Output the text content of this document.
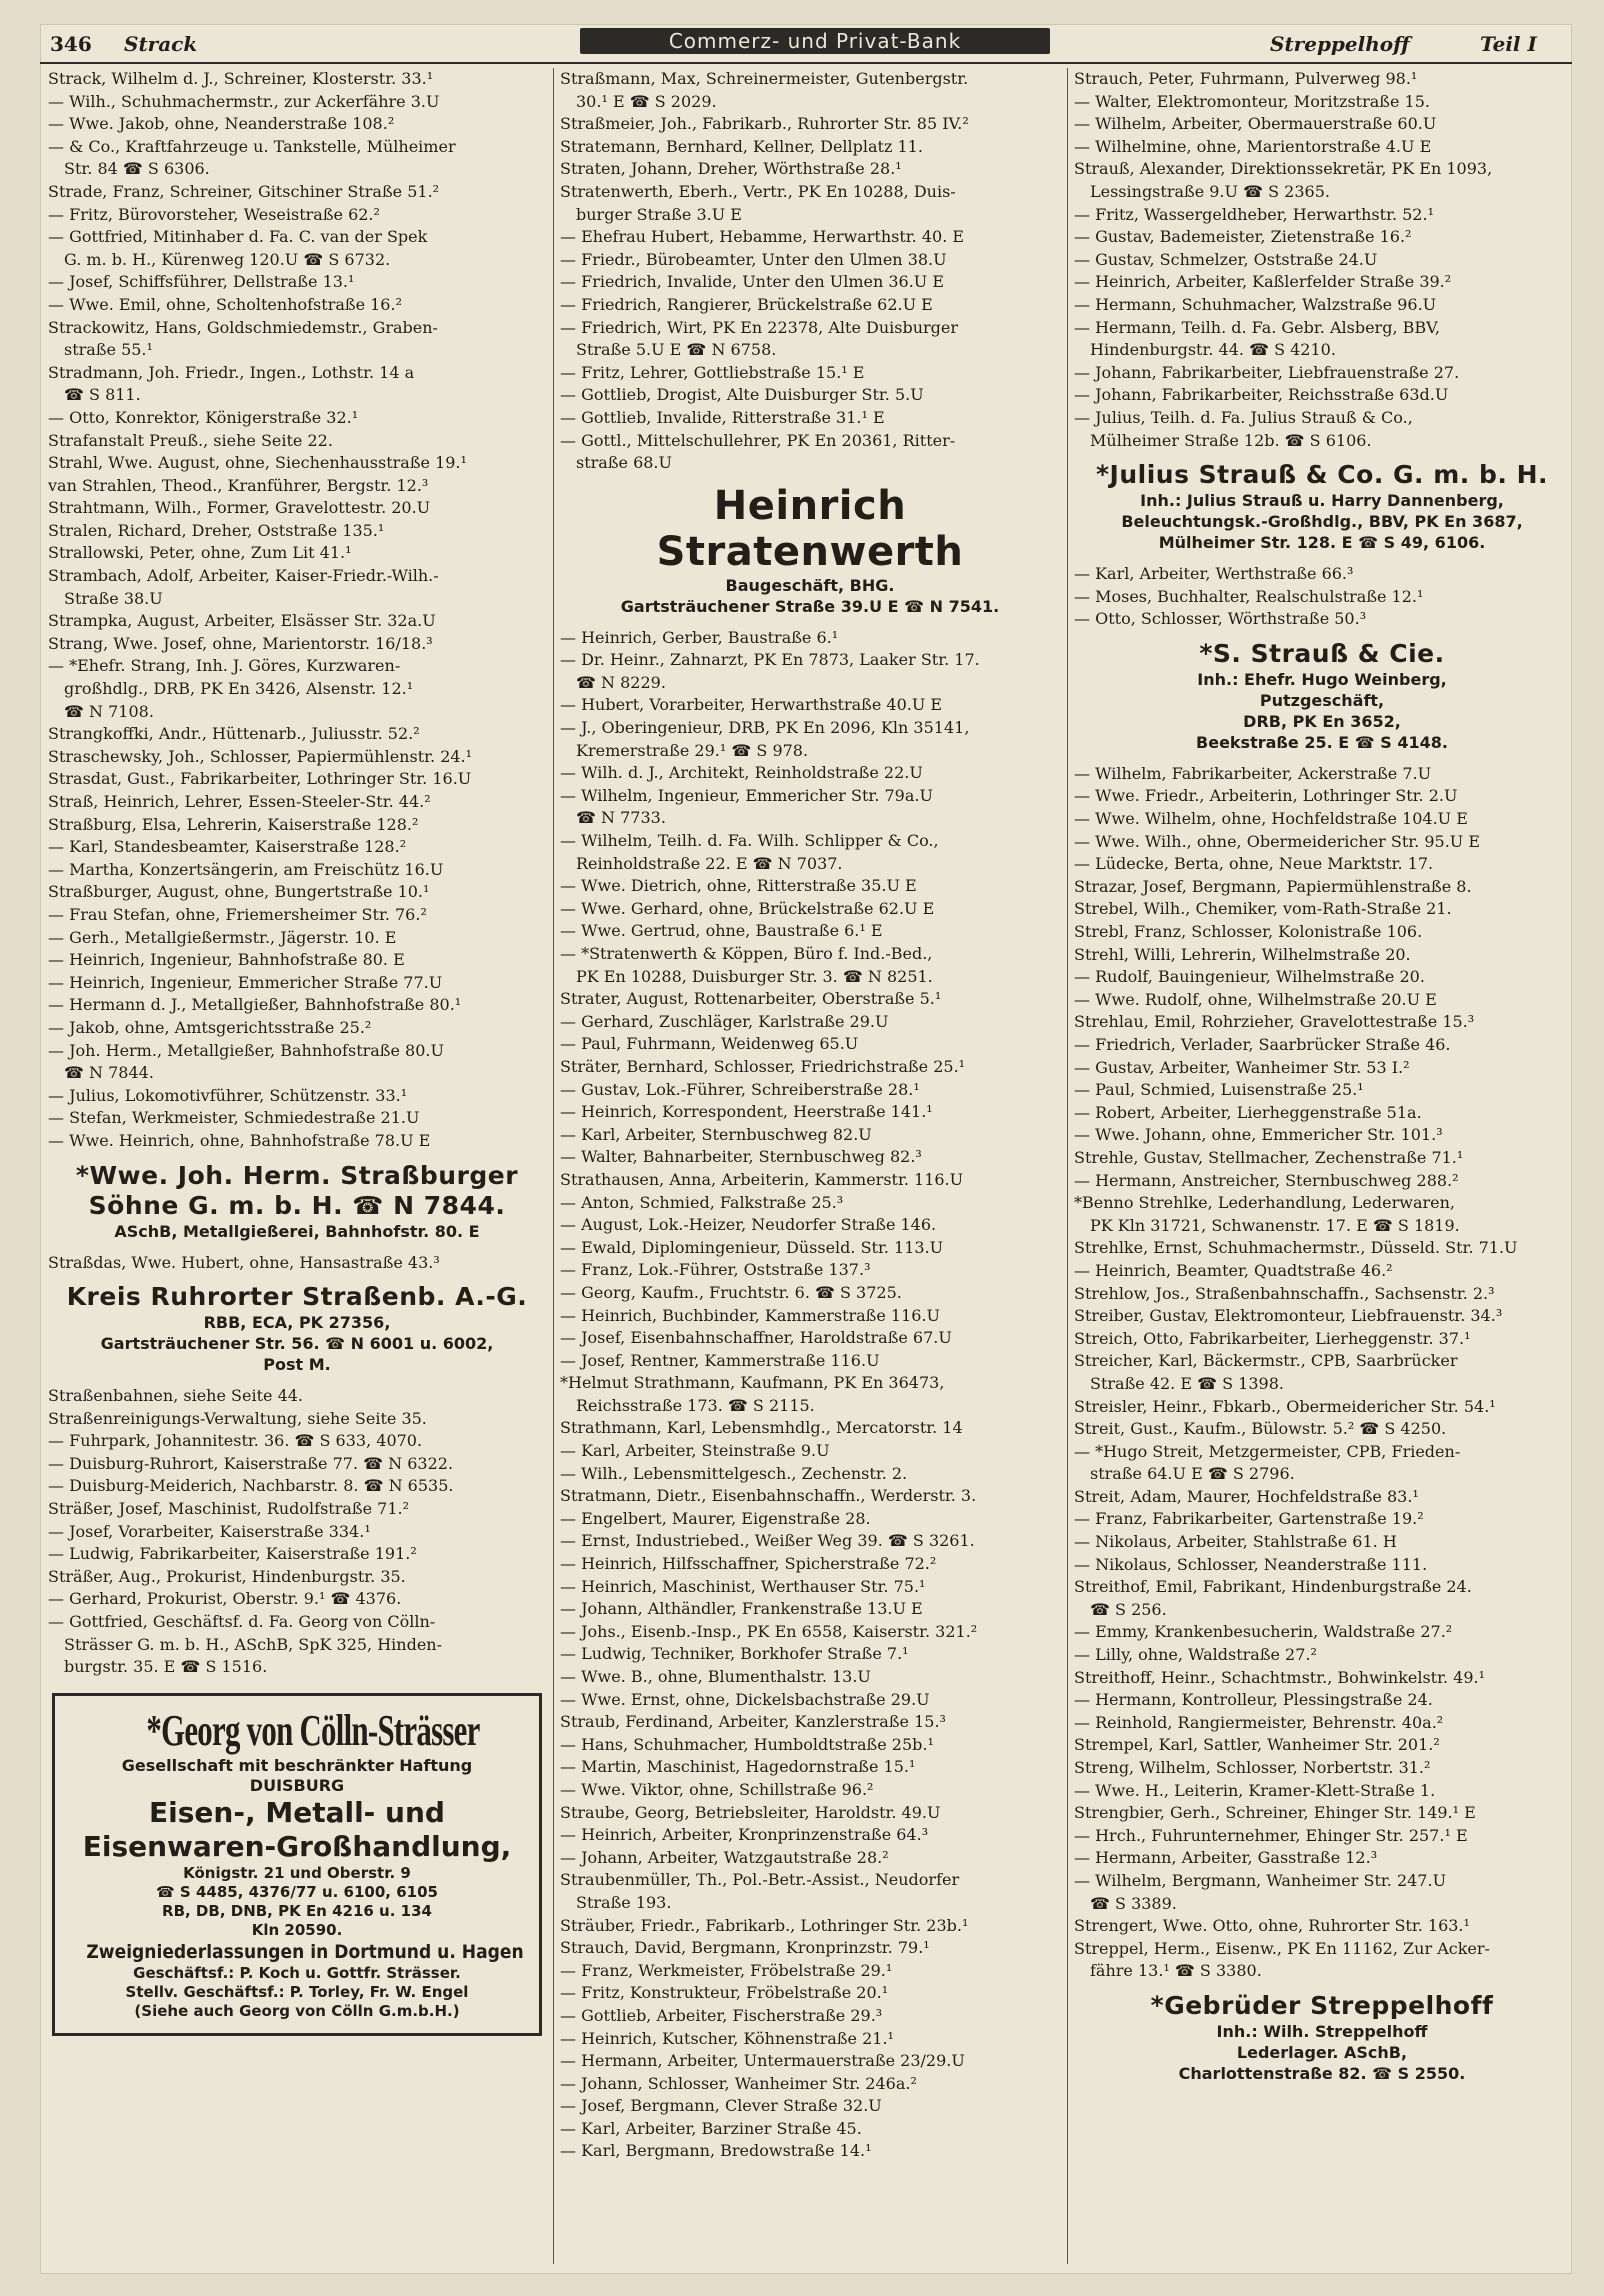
346 Strack	Commerz- und Privat-Bank	Streppelhoff	Teil I
Strack, Wilhelm d. J., Schreiner, Klosterstr. 33.¹
— Wilh., Schuhmachermstr., zur Ackerfähre 3.U
— Wwe. Jakob, ohne, Neanderstraße 108.²
— & Co., Kraftfahrzeuge u. Tankstelle, Mülheimer
Str. 84 ☎ S 6306.
Strade, Franz, Schreiner, Gitschiner Straße 51.²
— Fritz, Bürovorsteher, Weseistraße 62.²
— Gottfried, Mitinhaber d. Fa. C. van der Spek
G. m. b. H., Kürenweg 120.U ☎ S 6732.
— Josef, Schiffsführer, Dellstraße 13.¹
— Wwe. Emil, ohne, Scholtenhofstraße 16.²
Strackowitz, Hans, Goldschmiedemstr., Graben-
straße 55.¹
Stradmann, Joh. Friedr., Ingen., Lothstr. 14 a
☎ S 811.
— Otto, Konrektor, Königerstraße 32.¹
Strafanstalt Preuß., siehe Seite 22.
Strahl, Wwe. August, ohne, Siechenhausstraße 19.¹
van Strahlen, Theod., Kranführer, Bergstr. 12.³
Strahtmann, Wilh., Former, Gravelottestr. 20.U
Stralen, Richard, Dreher, Oststraße 135.¹
Strallowski, Peter, ohne, Zum Lit 41.¹
Strambach, Adolf, Arbeiter, Kaiser-Friedr.-Wilh.-
Straße 38.U
Strampka, August, Arbeiter, Elsässer Str. 32a.U
Strang, Wwe. Josef, ohne, Marientorstr. 16/18.³
— *Ehefr. Strang, Inh. J. Göres, Kurzwaren-
großhdlg., DRB, PK En 3426, Alsenstr. 12.¹
☎ N 7108.
Strangkoffki, Andr., Hüttenarb., Juliusstr. 52.²
Straschewsky, Joh., Schlosser, Papiermühlenstr. 24.¹
Strasdat, Gust., Fabrikarbeiter, Lothringer Str. 16.U
Straß, Heinrich, Lehrer, Essen-Steeler-Str. 44.²
Straßburg, Elsa, Lehrerin, Kaiserstraße 128.²
— Karl, Standesbeamter, Kaiserstraße 128.²
— Martha, Konzertsängerin, am Freischütz 16.U
Straßburger, August, ohne, Bungertstraße 10.¹
— Frau Stefan, ohne, Friemersheimer Str. 76.²
— Gerh., Metallgießermstr., Jägerstr. 10. E
— Heinrich, Ingenieur, Bahnhofstraße 80. E
— Heinrich, Ingenieur, Emmericher Straße 77.U
— Hermann d. J., Metallgießer, Bahnhofstraße 80.¹
— Jakob, ohne, Amtsgerichtsstraße 25.²
— Joh. Herm., Metallgießer, Bahnhofstraße 80.U
☎ N 7844.
— Julius, Lokomotivführer, Schützenstr. 33.¹
— Stefan, Werkmeister, Schmiedestraße 21.U
— Wwe. Heinrich, ohne, Bahnhofstraße 78.U E
*Wwe. Joh. Herm. Straßburger
Söhne G. m. b. H. ☎ N 7844.
ASchB, Metallgießerei, Bahnhofstr. 80. E
Straßdas, Wwe. Hubert, ohne, Hansastraße 43.³
Kreis Ruhrorter Straßenb. A.-G.
RBB, ECA, PK 27356,
Gartsträuchener Str. 56. ☎ N 6001 u. 6002,
Post M.
Straßenbahnen, siehe Seite 44.
Straßenreinigungs-Verwaltung, siehe Seite 35.
— Fuhrpark, Johannitestr. 36. ☎ S 633, 4070.
— Duisburg-Ruhrort, Kaiserstraße 77. ☎ N 6322.
— Duisburg-Meiderich, Nachbarstr. 8. ☎ N 6535.
Sträßer, Josef, Maschinist, Rudolfstraße 71.²
— Josef, Vorarbeiter, Kaiserstraße 334.¹
— Ludwig, Fabrikarbeiter, Kaiserstraße 191.²
Sträßer, Aug., Prokurist, Hindenburgstr. 35.
— Gerhard, Prokurist, Oberstr. 9.¹ ☎ 4376.
— Gottfried, Geschäftsf. d. Fa. Georg von Cölln-
Strässer G. m. b. H., ASchB, SpK 325, Hinden-
burgstr. 35. E ☎ S 1516.
*Georg von Cölln-Strässer
Gesellschaft mit beschränkter Haftung
DUISBURG
Eisen-, Metall- und
Eisenwaren-Großhandlung,
Königstr. 21 und Oberstr. 9
☎ S 4485, 4376/77 u. 6100, 6105
RB, DB, DNB, PK En 4216 u. 134
Kln 20590.
Zweigniederlassungen in Dortmund u. Hagen
Geschäftsf.: P. Koch u. Gottfr. Strässer.
Stellv. Geschäftsf.: P. Torley, Fr. W. Engel
(Siehe auch Georg von Cölln G.m.b.H.)
Straßmann, Max, Schreinermeister, Gutenbergstr.
30.¹ E ☎ S 2029.
Straßmeier, Joh., Fabrikarb., Ruhrorter Str. 85 IV.²
Stratemann, Bernhard, Kellner, Dellplatz 11.
Straten, Johann, Dreher, Wörthstraße 28.¹
Stratenwerth, Eberh., Vertr., PK En 10288, Duis-
burger Straße 3.U E
— Ehefrau Hubert, Hebamme, Herwarthstr. 40. E
— Friedr., Bürobeamter, Unter den Ulmen 38.U
— Friedrich, Invalide, Unter den Ulmen 36.U E
— Friedrich, Rangierer, Brückelstraße 62.U E
— Friedrich, Wirt, PK En 22378, Alte Duisburger
Straße 5.U E ☎ N 6758.
— Fritz, Lehrer, Gottliebstraße 15.¹ E
— Gottlieb, Drogist, Alte Duisburger Str. 5.U
— Gottlieb, Invalide, Ritterstraße 31.¹ E
— Gottl., Mittelschullehrer, PK En 20361, Ritter-
straße 68.U
Heinrich Stratenwerth
Baugeschäft, BHG.
Gartsträuchener Straße 39.U E ☎ N 7541.
— Heinrich, Gerber, Baustraße 6.¹
— Dr. Heinr., Zahnarzt, PK En 7873, Laaker Str. 17.
☎ N 8229.
— Hubert, Vorarbeiter, Herwarthstraße 40.U E
— J., Oberingenieur, DRB, PK En 2096, Kln 35141,
Kremerstraße 29.¹ ☎ S 978.
— Wilh. d. J., Architekt, Reinholdstraße 22.U
— Wilhelm, Ingenieur, Emmericher Str. 79a.U
☎ N 7733.
— Wilhelm, Teilh. d. Fa. Wilh. Schlipper & Co.,
Reinholdstraße 22. E ☎ N 7037.
— Wwe. Dietrich, ohne, Ritterstraße 35.U E
— Wwe. Gerhard, ohne, Brückelstraße 62.U E
— Wwe. Gertrud, ohne, Baustraße 6.¹ E
— *Stratenwerth & Köppen, Büro f. Ind.-Bed.,
PK En 10288, Duisburger Str. 3. ☎ N 8251.
Strater, August, Rottenarbeiter, Oberstraße 5.¹
— Gerhard, Zuschläger, Karlstraße 29.U
— Paul, Fuhrmann, Weidenweg 65.U
Sträter, Bernhard, Schlosser, Friedrichstraße 25.¹
— Gustav, Lok.-Führer, Schreiberstraße 28.¹
— Heinrich, Korrespondent, Heerstraße 141.¹
— Karl, Arbeiter, Sternbuschweg 82.U
— Walter, Bahnarbeiter, Sternbuschweg 82.³
Strathausen, Anna, Arbeiterin, Kammerstr. 116.U
— Anton, Schmied, Falkstraße 25.³
— August, Lok.-Heizer, Neudorfer Straße 146.
— Ewald, Diplomingenieur, Düsseld. Str. 113.U
— Franz, Lok.-Führer, Oststraße 137.³
— Georg, Kaufm., Fruchtstr. 6. ☎ S 3725.
— Heinrich, Buchbinder, Kammerstraße 116.U
— Josef, Eisenbahnschaffner, Haroldstraße 67.U
— Josef, Rentner, Kammerstraße 116.U
*Helmut Strathmann, Kaufmann, PK En 36473,
Reichsstraße 173. ☎ S 2115.
Strathmann, Karl, Lebensmhdlg., Mercatorstr. 14
— Karl, Arbeiter, Steinstraße 9.U
— Wilh., Lebensmittelgesch., Zechenstr. 2.
Stratmann, Dietr., Eisenbahnschaffn., Werderstr. 3.
— Engelbert, Maurer, Eigenstraße 28.
— Ernst, Industriebed., Weißer Weg 39. ☎ S 3261.
— Heinrich, Hilfsschaffner, Spicherstraße 72.²
— Heinrich, Maschinist, Werthauser Str. 75.¹
— Johann, Althändler, Frankenstraße 13.U E
— Johs., Eisenb.-Insp., PK En 6558, Kaiserstr. 321.²
— Ludwig, Techniker, Borkhofer Straße 7.¹
— Wwe. B., ohne, Blumenthalstr. 13.U
— Wwe. Ernst, ohne, Dickelsbachstraße 29.U
Straub, Ferdinand, Arbeiter, Kanzlerstraße 15.³
— Hans, Schuhmacher, Humboldtstraße 25b.¹
— Martin, Maschinist, Hagedornstraße 15.¹
— Wwe. Viktor, ohne, Schillstraße 96.²
Straube, Georg, Betriebsleiter, Haroldstr. 49.U
— Heinrich, Arbeiter, Kronprinzenstraße 64.³
— Johann, Arbeiter, Watzgautstraße 28.²
Straubenmüller, Th., Pol.-Betr.-Assist., Neudorfer
Straße 193.
Sträuber, Friedr., Fabrikarb., Lothringer Str. 23b.¹
Strauch, David, Bergmann, Kronprinzstr. 79.¹
— Franz, Werkmeister, Fröbelstraße 29.¹
— Fritz, Konstrukteur, Fröbelstraße 20.¹
— Gottlieb, Arbeiter, Fischerstraße 29.³
— Heinrich, Kutscher, Köhnenstraße 21.¹
— Hermann, Arbeiter, Untermauerstraße 23/29.U
— Johann, Schlosser, Wanheimer Str. 246a.²
— Josef, Bergmann, Clever Straße 32.U
— Karl, Arbeiter, Barziner Straße 45.
— Karl, Bergmann, Bredowstraße 14.¹
Strauch, Peter, Fuhrmann, Pulverweg 98.¹
— Walter, Elektromonteur, Moritzstraße 15.
— Wilhelm, Arbeiter, Obermauerstraße 60.U
— Wilhelmine, ohne, Marientorstraße 4.U E
Strauß, Alexander, Direktionssekretär, PK En 1093,
Lessingstraße 9.U ☎ S 2365.
— Fritz, Wassergeldheber, Herwarthstr. 52.¹
— Gustav, Bademeister, Zietenstraße 16.²
— Gustav, Schmelzer, Oststraße 24.U
— Heinrich, Arbeiter, Kaßlerfelder Straße 39.²
— Hermann, Schuhmacher, Walzstraße 96.U
— Hermann, Teilh. d. Fa. Gebr. Alsberg, BBV,
Hindenburgstr. 44. ☎ S 4210.
— Johann, Fabrikarbeiter, Liebfrauenstraße 27.
— Johann, Fabrikarbeiter, Reichsstraße 63d.U
— Julius, Teilh. d. Fa. Julius Strauß & Co.,
Mülheimer Straße 12b. ☎ S 6106.
*Julius Strauß & Co. G. m. b. H.
Inh.: Julius Strauß u. Harry Dannenberg,
Beleuchtungsk.-Großhdlg., BBV, PK En 3687,
Mülheimer Str. 128. E ☎ S 49, 6106.
— Karl, Arbeiter, Werthstraße 66.³
— Moses, Buchhalter, Realschulstraße 12.¹
— Otto, Schlosser, Wörthstraße 50.³
*S. Strauß & Cie.
Inh.: Ehefr. Hugo Weinberg,
Putzgeschäft,
DRB, PK En 3652,
Beekstraße 25. E ☎ S 4148.
— Wilhelm, Fabrikarbeiter, Ackerstraße 7.U
— Wwe. Friedr., Arbeiterin, Lothringer Str. 2.U
— Wwe. Wilhelm, ohne, Hochfeldstraße 104.U E
— Wwe. Wilh., ohne, Obermeidericher Str. 95.U E
— Lüdecke, Berta, ohne, Neue Marktstr. 17.
Strazar, Josef, Bergmann, Papiermühlenstraße 8.
Strebel, Wilh., Chemiker, vom-Rath-Straße 21.
Strebl, Franz, Schlosser, Kolonistraße 106.
Strehl, Willi, Lehrerin, Wilhelmstraße 20.
— Rudolf, Bauingenieur, Wilhelmstraße 20.
— Wwe. Rudolf, ohne, Wilhelmstraße 20.U E
Strehlau, Emil, Rohrzieher, Gravelottestraße 15.³
— Friedrich, Verlader, Saarbrücker Straße 46.
— Gustav, Arbeiter, Wanheimer Str. 53 I.²
— Paul, Schmied, Luisenstraße 25.¹
— Robert, Arbeiter, Lierheggenstraße 51a.
— Wwe. Johann, ohne, Emmericher Str. 101.³
Strehle, Gustav, Stellmacher, Zechenstraße 71.¹
— Hermann, Anstreicher, Sternbuschweg 288.²
*Benno Strehlke, Lederhandlung, Lederwaren,
PK Kln 31721, Schwanenstr. 17. E ☎ S 1819.
Strehlke, Ernst, Schuhmachermstr., Düsseld. Str. 71.U
— Heinrich, Beamter, Quadtstraße 46.²
Strehlow, Jos., Straßenbahnschaffn., Sachsenstr. 2.³
Streiber, Gustav, Elektromonteur, Liebfrauenstr. 34.³
Streich, Otto, Fabrikarbeiter, Lierheggenstr. 37.¹
Streicher, Karl, Bäckermstr., CPB, Saarbrücker
Straße 42. E ☎ S 1398.
Streisler, Heinr., Fbkarb., Obermeidericher Str. 54.¹
Streit, Gust., Kaufm., Bülowstr. 5.² ☎ S 4250.
— *Hugo Streit, Metzgermeister, CPB, Frieden-
straße 64.U E ☎ S 2796.
Streit, Adam, Maurer, Hochfeldstraße 83.¹
— Franz, Fabrikarbeiter, Gartenstraße 19.²
— Nikolaus, Arbeiter, Stahlstraße 61. H
— Nikolaus, Schlosser, Neanderstraße 111.
Streithof, Emil, Fabrikant, Hindenburgstraße 24.
☎ S 256.
— Emmy, Krankenbesucherin, Waldstraße 27.²
— Lilly, ohne, Waldstraße 27.²
Streithoff, Heinr., Schachtmstr., Bohwinkelstr. 49.¹
— Hermann, Kontrolleur, Plessingstraße 24.
— Reinhold, Rangiermeister, Behrenstr. 40a.²
Strempel, Karl, Sattler, Wanheimer Str. 201.²
Streng, Wilhelm, Schlosser, Norbertstr. 31.²
— Wwe. H., Leiterin, Kramer-Klett-Straße 1.
Strengbier, Gerh., Schreiner, Ehinger Str. 149.¹ E
— Hrch., Fuhrunternehmer, Ehinger Str. 257.¹ E
— Hermann, Arbeiter, Gasstraße 12.³
— Wilhelm, Bergmann, Wanheimer Str. 247.U
☎ S 3389.
Strengert, Wwe. Otto, ohne, Ruhrorter Str. 163.¹
Streppel, Herm., Eisenw., PK En 11162, Zur Acker-
fähre 13.¹ ☎ S 3380.
*Gebrüder Streppelhoff
Inh.: Wilh. Streppelhoff
Lederlager. ASchB,
Charlottenstraße 82. ☎ S 2550.
